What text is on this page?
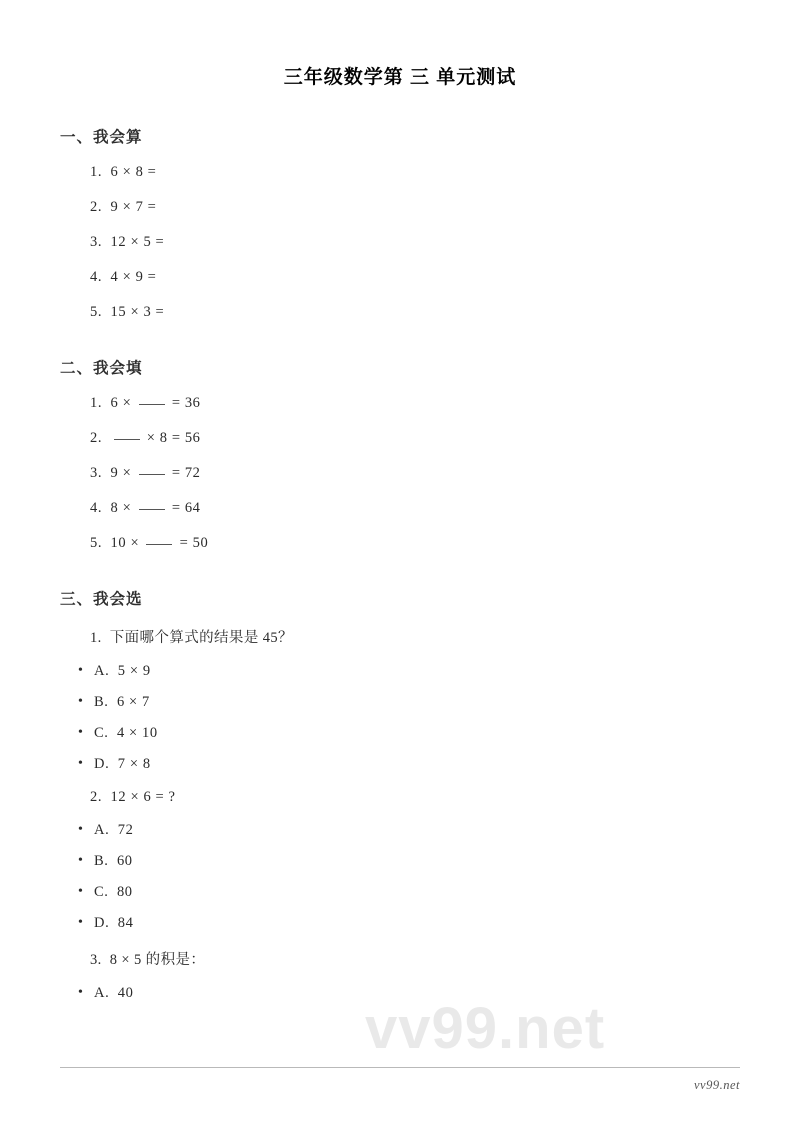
三年级数学第 三 单元测试
一、我会算
1.  6 × 8 =
2.  9 × 7 =
3.  12 × 5 =
4.  4 × 9 =
5.  15 × 3 =
二、我会填
1.  6 ×  = 36
2.   × 8 = 56
3.  9 ×  = 72
4.  8 ×  = 64
5.  10 ×  = 50
三、我会选
1.  下面哪个算式的结果是 45？
• A.  5 × 9
• B.  6 × 7
• C.  4 × 10
• D.  7 × 8
2.  12 × 6 = ?
• A.  72
• B.  60
• C.  80
• D.  84
3.  8 × 5 的积是：
• A.  40
vv99.net
vv99.net
